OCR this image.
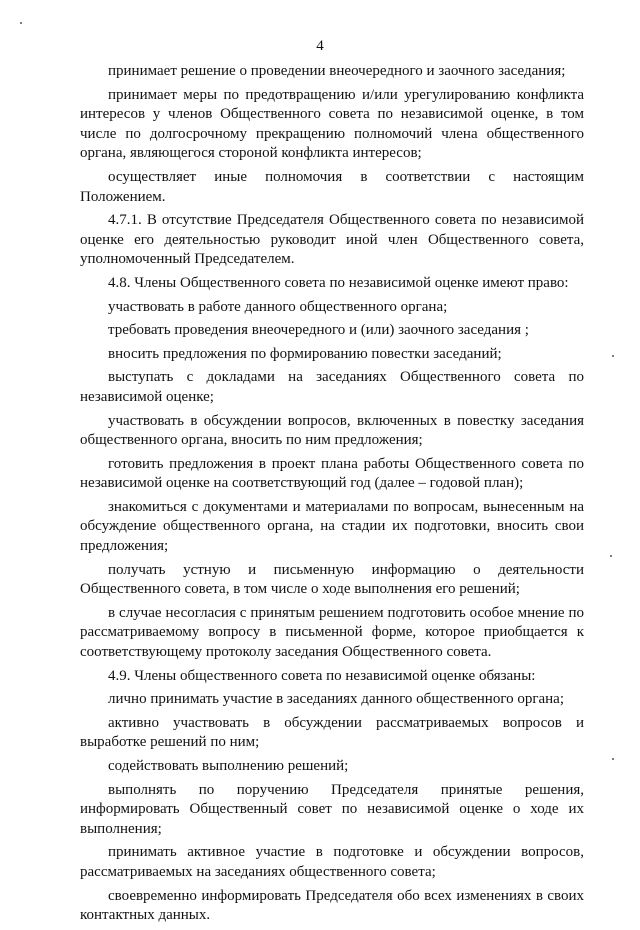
4

принимает решение о проведении внеочередного и заочного заседания;

принимает меры по предотвращению и/или урегулированию конфликта интересов у членов Общественного совета по независимой оценке, в том числе по долгосрочному прекращению полномочий члена общественного органа, являющегося стороной конфликта интересов;

осуществляет иные полномочия в соответствии с настоящим Положением.

4.7.1. В отсутствие Председателя Общественного совета по независимой оценке его деятельностью руководит иной член Общественного совета, уполномоченный Председателем.

4.8. Члены Общественного совета по независимой оценке имеют право:

участвовать в работе данного общественного органа;

требовать проведения внеочередного и (или) заочного заседания ;

вносить предложения по формированию повестки заседаний;

выступать с докладами на заседаниях Общественного совета по независимой оценке;

участвовать в обсуждении вопросов, включенных в повестку заседания общественного органа, вносить по ним предложения;

готовить предложения в проект плана работы Общественного совета по независимой оценке на соответствующий год (далее – годовой план);

знакомиться с документами и материалами по вопросам, вынесенным на обсуждение общественного органа, на стадии их подготовки, вносить свои предложения;

получать устную и письменную информацию о деятельности Общественного совета, в том числе о ходе выполнения его решений;

в случае несогласия с принятым решением подготовить особое мнение по рассматриваемому вопросу в письменной форме, которое приобщается к соответствующему протоколу заседания Общественного совета.

4.9. Члены общественного совета по независимой оценке обязаны:

лично принимать участие в заседаниях данного общественного органа;

активно участвовать в обсуждении рассматриваемых вопросов и выработке решений по ним;

содействовать выполнению решений;

выполнять по поручению Председателя принятые решения, информировать Общественный совет по независимой оценке о ходе их выполнения;

принимать активное участие в подготовке и обсуждении вопросов, рассматриваемых на заседаниях общественного совета;

своевременно информировать Председателя обо всех изменениях в своих контактных данных.
